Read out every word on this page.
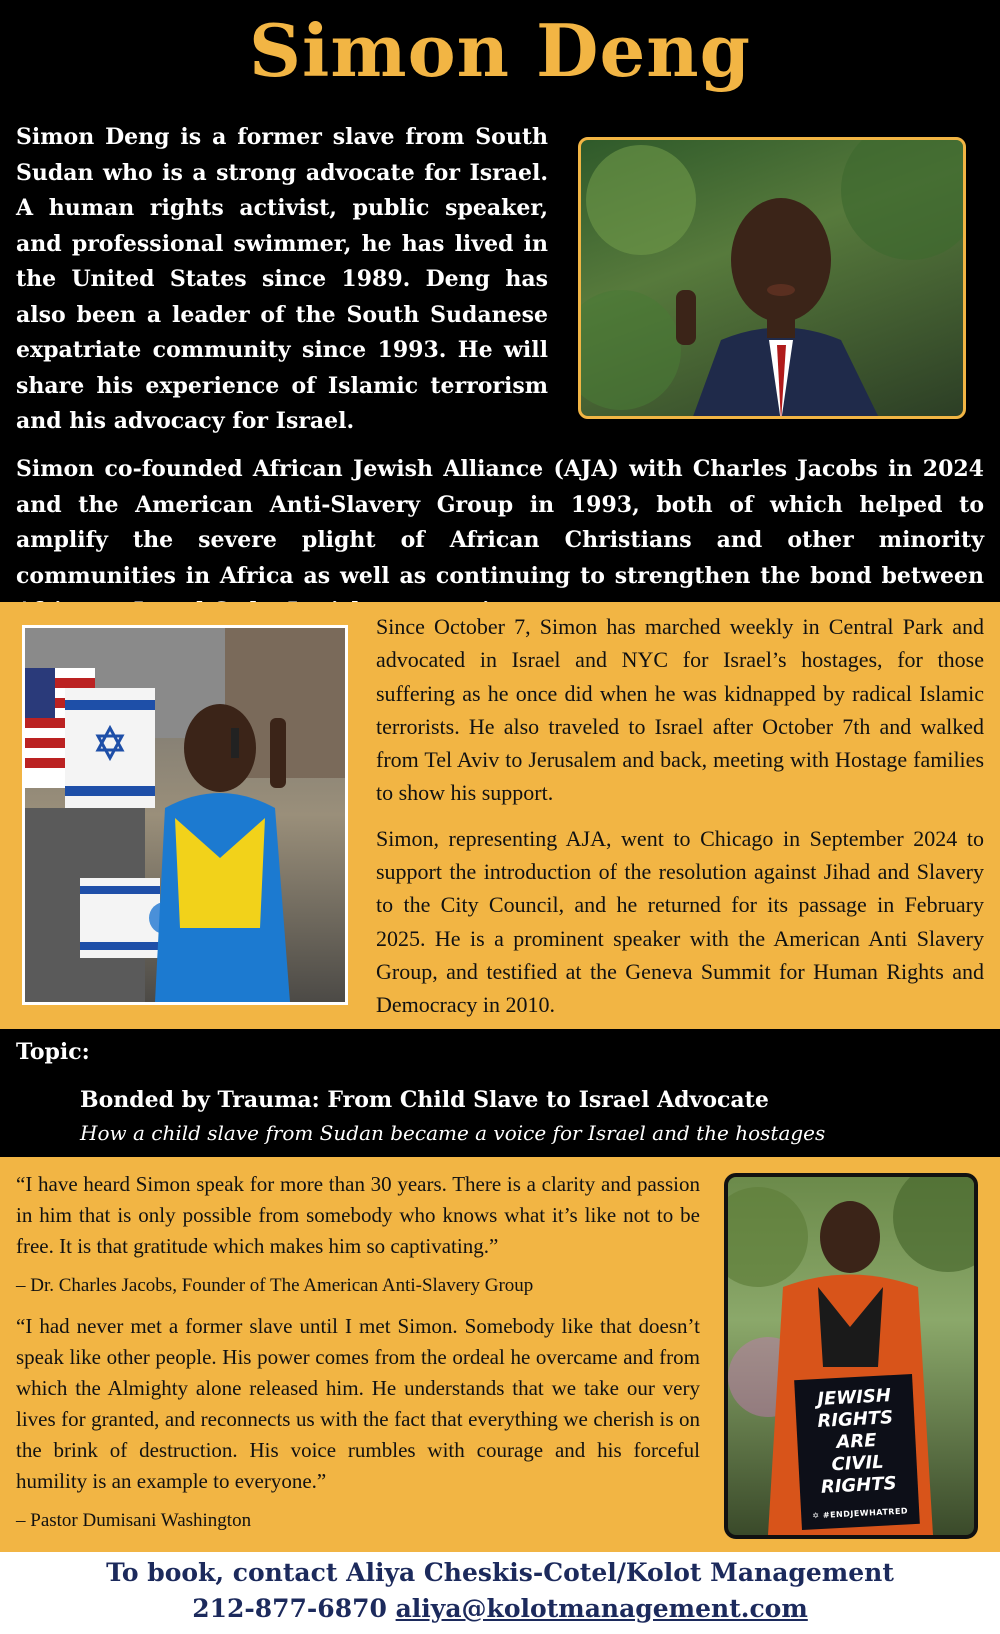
Simon Deng

Simon Deng is a former slave from South Sudan who is a strong advocate for Israel. A human rights activist, public speaker, and professional swimmer, he has lived in the United States since 1989. Deng has also been a leader of the South Sudanese expatriate community since 1993. He will share his experience of Islamic terrorism and his advocacy for Israel.

Simon co-founded African Jewish Alliance (AJA) with Charles Jacobs in 2024 and the American Anti-Slavery Group in 1993, both of which helped to amplify the severe plight of African Christians and other minority communities in Africa as well as continuing to strengthen the bond between

Since October 7, Simon has marched weekly in Central Park and advocated in Israel and NYC for Israel’s hostages, for those suffering as he once did when he was kidnapped by radical Islamic terrorists. He also traveled to Israel after October 7th and walked from Tel Aviv to Jerusalem and back, meeting with Hostage families to show his support.

Simon, representing AJA, went to Chicago in September 2024 to support the introduction of the resolution against Jihad and Slavery to the City Council, and he returned for its passage in February 2025. He is a prominent speaker with the American Anti Slavery Group, and testified at the Geneva Summit for Human Rights and Democracy in 2010.

Topic:
Bonded by Trauma: From Child Slave to Israel Advocate
How a child slave from Sudan became a voice for Israel and the hostages

“I have heard Simon speak for more than 30 years. There is a clarity and passion in him that is only possible from somebody who knows what it’s like not to be free. It is that gratitude which makes him so captivating.”

– Dr. Charles Jacobs, Founder of The American Anti-Slavery Group

“I had never met a former slave until I met Simon. Somebody like that doesn’t speak like other people. His power comes from the ordeal he overcame and from which the Almighty alone released him. He understands that we take our very lives for granted, and reconnects us with the fact that everything we cherish is on the brink of destruction. His voice rumbles with courage and his forceful humility is an example to everyone.”

– Pastor Dumisani Washington

JEWISH
RIGHTS
ARE
CIVIL
RIGHTS
✡ #ENDJEWHATRED
To book, contact Aliya Cheskis-Cotel/Kolot Management
212-877-6870 aliya@kolotmanagement.com
